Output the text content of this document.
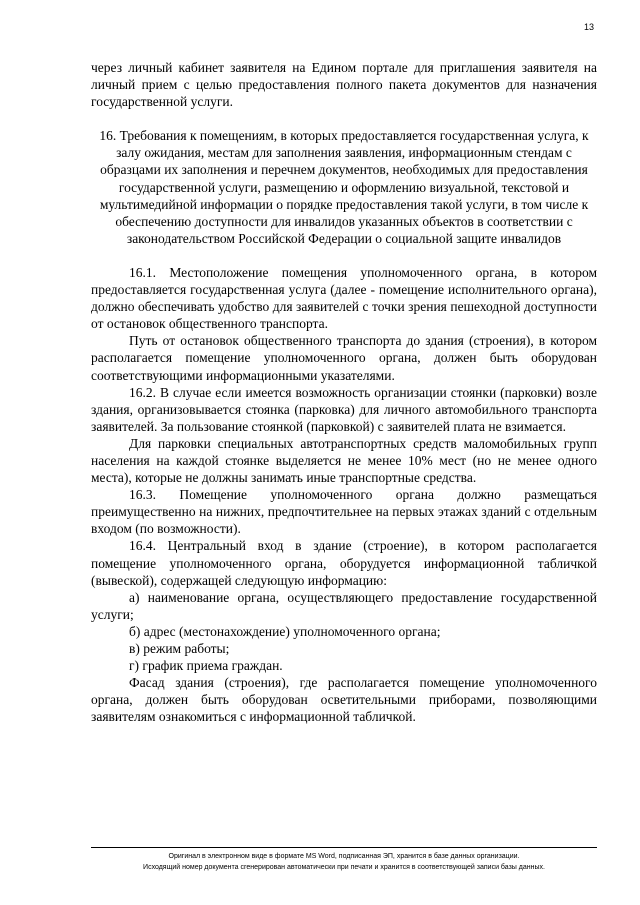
13

через личный кабинет заявителя на Едином портале для приглашения заявителя на личный прием с целью предоставления полного пакета документов для назначения государственной услуги.

16. Требования к помещениям, в которых предоставляется государственная услуга, к залу ожидания, местам для заполнения заявления, информационным стендам с образцами их заполнения и перечнем документов, необходимых для предоставления государственной услуги, размещению и оформлению визуальной, текстовой и мультимедийной информации о порядке предоставления такой услуги, в том числе к обеспечению доступности для инвалидов указанных объектов в соответствии с законодательством Российской Федерации о социальной защите инвалидов

16.1. Местоположение помещения уполномоченного органа, в котором предоставляется государственная услуга (далее - помещение исполнительного органа), должно обеспечивать удобство для заявителей с точки зрения пешеходной доступности от остановок общественного транспорта.

Путь от остановок общественного транспорта до здания (строения), в котором располагается помещение уполномоченного органа, должен быть оборудован соответствующими информационными указателями.

16.2. В случае если имеется возможность организации стоянки (парковки) возле здания, организовывается стоянка (парковка) для личного автомобильного транспорта заявителей. За пользование стоянкой (парковкой) с заявителей плата не взимается.

Для парковки специальных автотранспортных средств маломобильных групп населения на каждой стоянке выделяется не менее 10% мест (но не менее одного места), которые не должны занимать иные транспортные средства.

16.3. Помещение уполномоченного органа должно размещаться преимущественно на нижних, предпочтительнее на первых этажах зданий с отдельным входом (по возможности).

16.4. Центральный вход в здание (строение), в котором располагается помещение уполномоченного органа, оборудуется информационной табличкой (вывеской), содержащей следующую информацию:

а) наименование органа, осуществляющего предоставление государственной услуги;

б) адрес (местонахождение) уполномоченного органа;

в) режим работы;

г) график приема граждан.

Фасад здания (строения), где располагается помещение уполномоченного органа, должен быть оборудован осветительными приборами, позволяющими заявителям ознакомиться с информационной табличкой.

Оригинал в электронном виде в формате MS Word, подписанная ЭП, хранится в базе данных организации.
Исходящий номер документа сгенерирован автоматически при печати и хранится в соответствующей записи базы данных.
